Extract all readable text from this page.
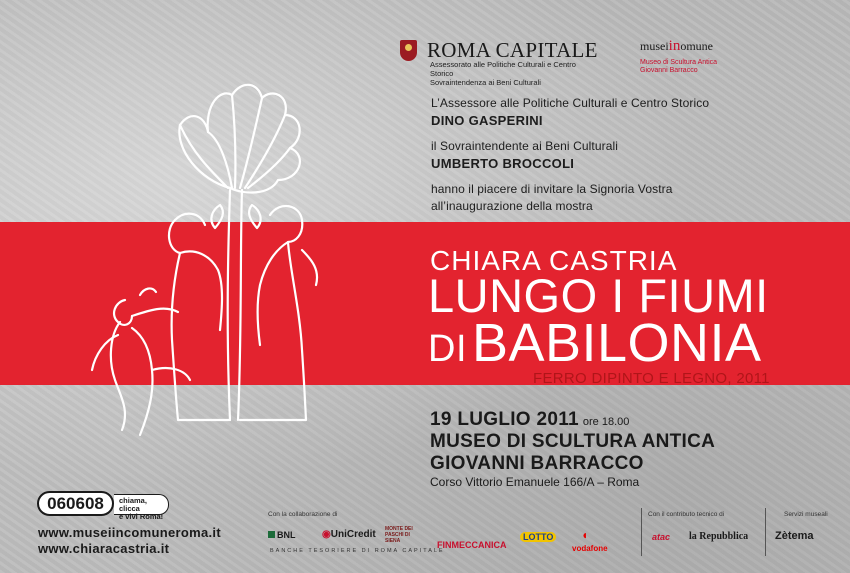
ROMA CAPITALE
Assessorato alle Politiche Culturali e Centro Storico
Sovraintendenza ai Beni Culturali
museiinomune
Museo di Scultura Antica
Giovanni Barracco
L’Assessore alle Politiche Culturali e Centro Storico
DINO GASPERINI
il Sovraintendente ai Beni Culturali
UMBERTO BROCCOLI
hanno il piacere di invitare la Signoria Vostra
all’inaugurazione della mostra
CHIARA CASTRIA
LUNGO I FIUMI
DI BABILONIA
FERRO DIPINTO E LEGNO, 2011
19 LUGLIO 2011 ore 18.00
MUSEO DI SCULTURA ANTICA
GIOVANNI BARRACCO
Corso Vittorio Emanuele 166/A – Roma
060608	chiama, clicca
e vivi Roma!
www.museiincomuneroma.it
www.chiaracastria.it
Con la collaborazione di
BNL	◉UniCredit MONTE DEI PASCHI DI SIENA
BANCHE TESORIERE DI ROMA CAPITALE
FINMECCANICA
LOTTO ◖
vodafone
Con il contributo tecnico di
atac la Repubblica
Servizi museali
Zètema
